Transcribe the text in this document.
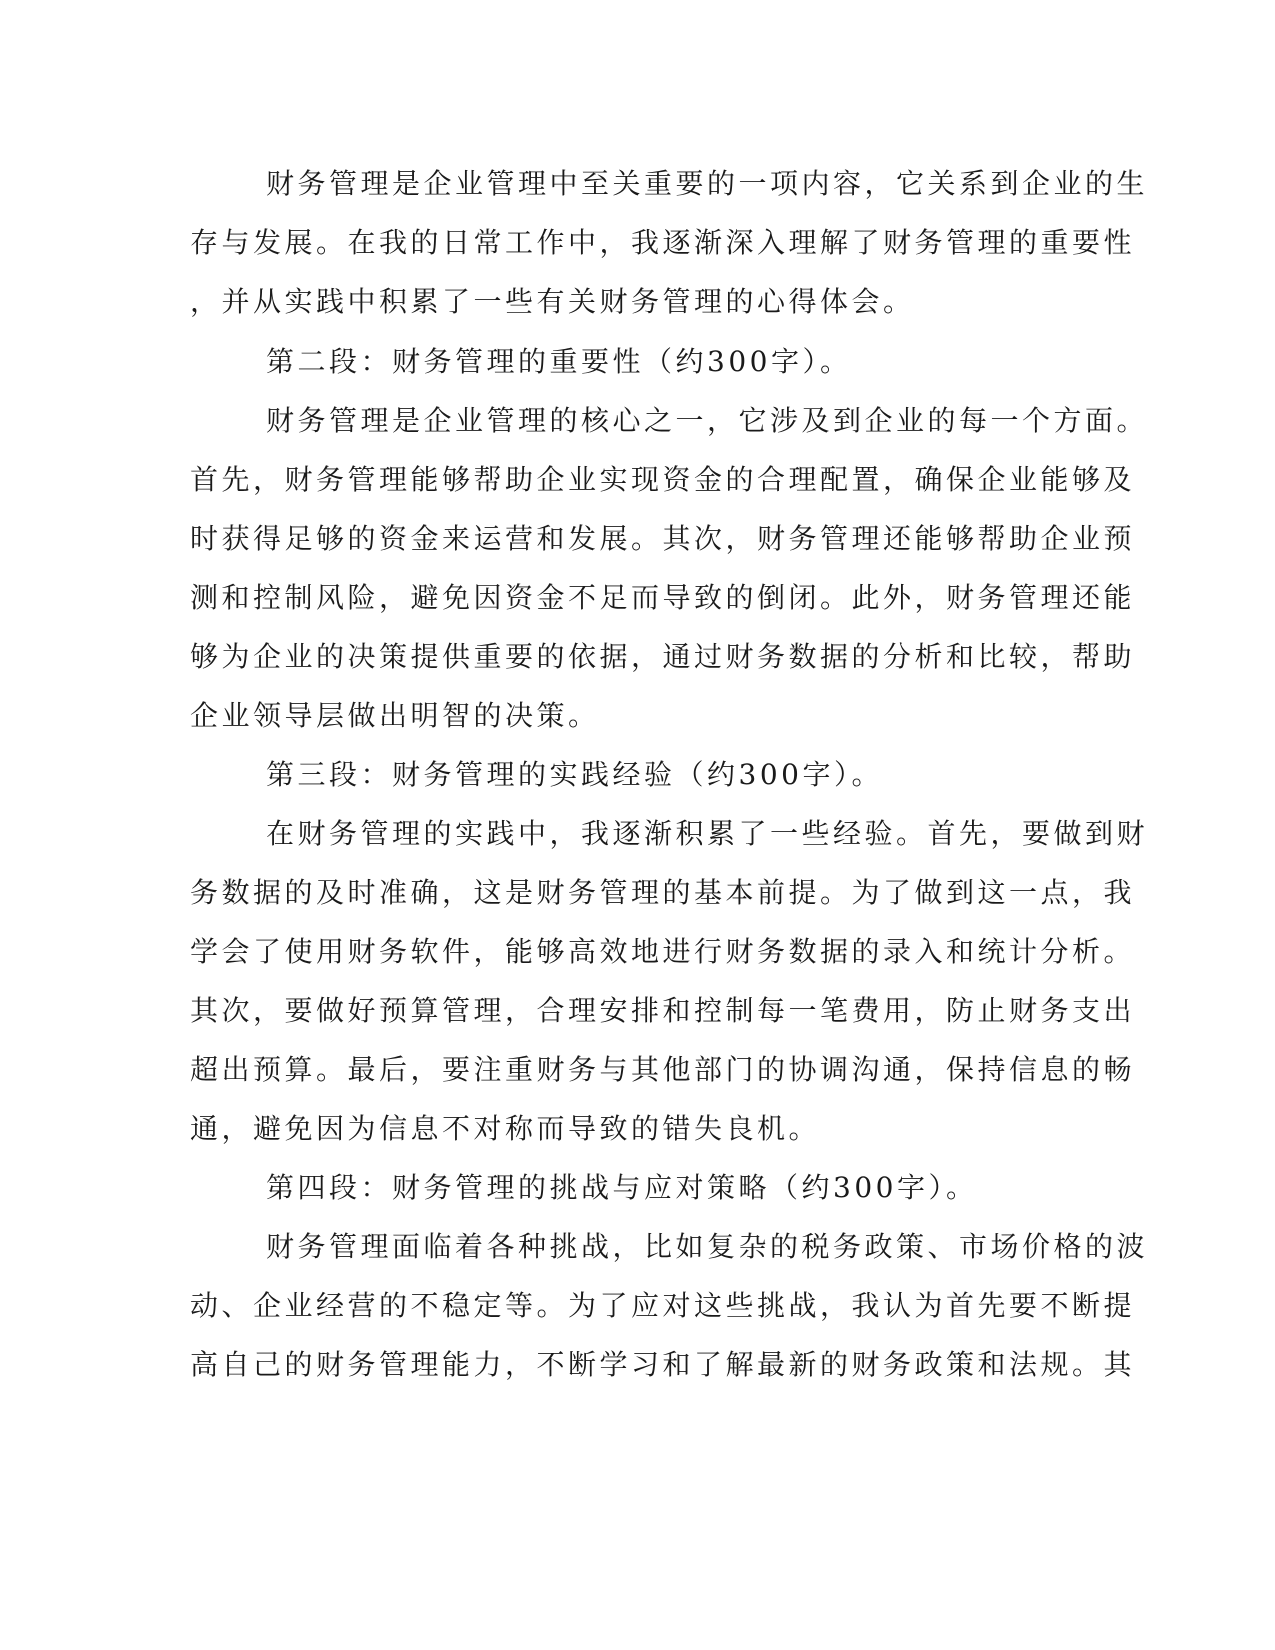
财务管理是企业管理中至关重要的一项内容，它关系到企业的生
存与发展。在我的日常工作中，我逐渐深入理解了财务管理的重要性
，并从实践中积累了一些有关财务管理的心得体会。
第二段：财务管理的重要性（约300字）。
财务管理是企业管理的核心之一，它涉及到企业的每一个方面。
首先，财务管理能够帮助企业实现资金的合理配置，确保企业能够及
时获得足够的资金来运营和发展。其次，财务管理还能够帮助企业预
测和控制风险，避免因资金不足而导致的倒闭。此外，财务管理还能
够为企业的决策提供重要的依据，通过财务数据的分析和比较，帮助
企业领导层做出明智的决策。
第三段：财务管理的实践经验（约300字）。
在财务管理的实践中，我逐渐积累了一些经验。首先，要做到财
务数据的及时准确，这是财务管理的基本前提。为了做到这一点，我
学会了使用财务软件，能够高效地进行财务数据的录入和统计分析。
其次，要做好预算管理，合理安排和控制每一笔费用，防止财务支出
超出预算。最后，要注重财务与其他部门的协调沟通，保持信息的畅
通，避免因为信息不对称而导致的错失良机。
第四段：财务管理的挑战与应对策略（约300字）。
财务管理面临着各种挑战，比如复杂的税务政策、市场价格的波
动、企业经营的不稳定等。为了应对这些挑战，我认为首先要不断提
高自己的财务管理能力，不断学习和了解最新的财务政策和法规。其
